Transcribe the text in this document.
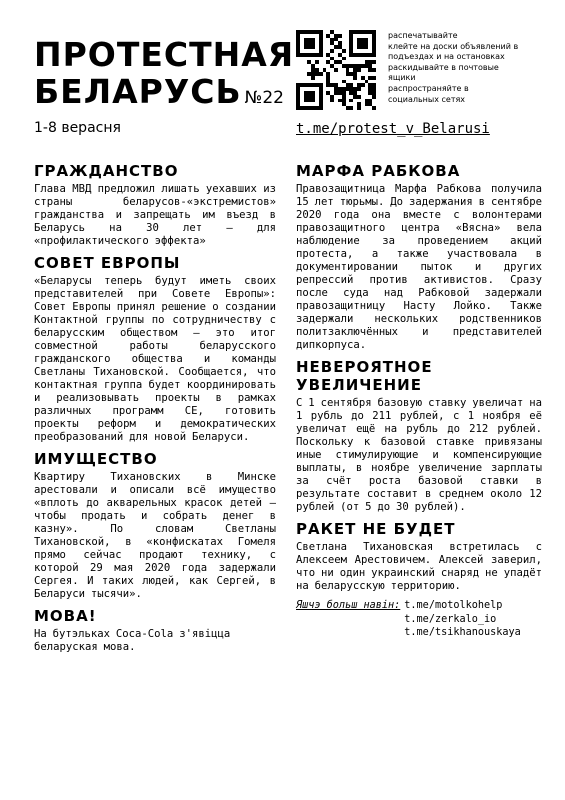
ПРОТЕСТНАЯ
БЕЛАРУСЬ №22
1-8 верасня
распечатывайте
клейте на доски объявлений в
подъездах и на остановках
раскидывайте в почтовые
ящики
распространяйте в
социальных сетях
t.me/protest_v_Belarusi
ГРАЖДАНСТВО

Глава МВД предложил лишать уехавших из страны беларусов-«экстремистов» гражданства и запрещать им въезд в Беларусь на 30 лет — для «профилактического эффекта»

СОВЕТ ЕВРОПЫ

«Беларусы теперь будут иметь своих представителей при Совете Европы»: Совет Европы принял решение о создании Контактной группы по сотрудничеству с беларусским обществом — это итог совместной работы беларусского гражданского общества и команды Светланы Тихановской. Сообщается, что контактная группа будет координировать и реализовывать проекты в рамках различных программ СЕ, готовить проекты реформ и демократических преобразований для новой Беларуси.

ИМУЩЕСТВО

Квартиру Тихановских в Минске арестовали и описали всё имущество «вплоть до акварельных красок детей – чтобы продать и собрать денег в казну». По словам Светланы Тихановской, в «конфискатах Гомеля прямо сейчас продают технику, с которой 29 мая 2020 года задержали Сергея. И таких людей, как Сергей, в Беларуси тысячи».

МОВА!

На бутэльках Coca-Cola з'явіцца беларуская мова.

МАРФА РАБКОВА

Правозащитница Марфа Рабкова получила 15 лет тюрьмы. До задержания в сентябре 2020 года она вместе с волонтерами правозащитного центра «Вясна» вела наблюдение за проведением акций протеста, а также участвовала в документировании пыток и других репрессий против активистов. Сразу после суда над Рабковой задержали правозащитницу Насту Лойко. Также задержали нескольких родственников политзаключённых и представителей дипкорпуса.

НЕВЕРОЯТНОЕ УВЕЛИЧЕНИЕ

С 1 сентября базовую ставку увеличат на 1 рубль до 211 рублей, с 1 ноября её увеличат ещё на рубль до 212 рублей. Поскольку к базовой ставке привязаны иные стимулирующие и компенсирующие выплаты, в ноябре увеличение зарплаты за счёт роста базовой ставки в результате составит в среднем около 12 рублей (от 5 до 30 рублей).

РАКЕТ НЕ БУДЕТ

Светлана Тихановская встретилась с Алексеем Арестовичем. Алексей заверил, что ни один украинский снаряд не упадёт на беларусскую территорию.

Яшчэ больш навін: t.me/motolkohelp
t.me/zerkalo_io
t.me/tsikhanouskaya
